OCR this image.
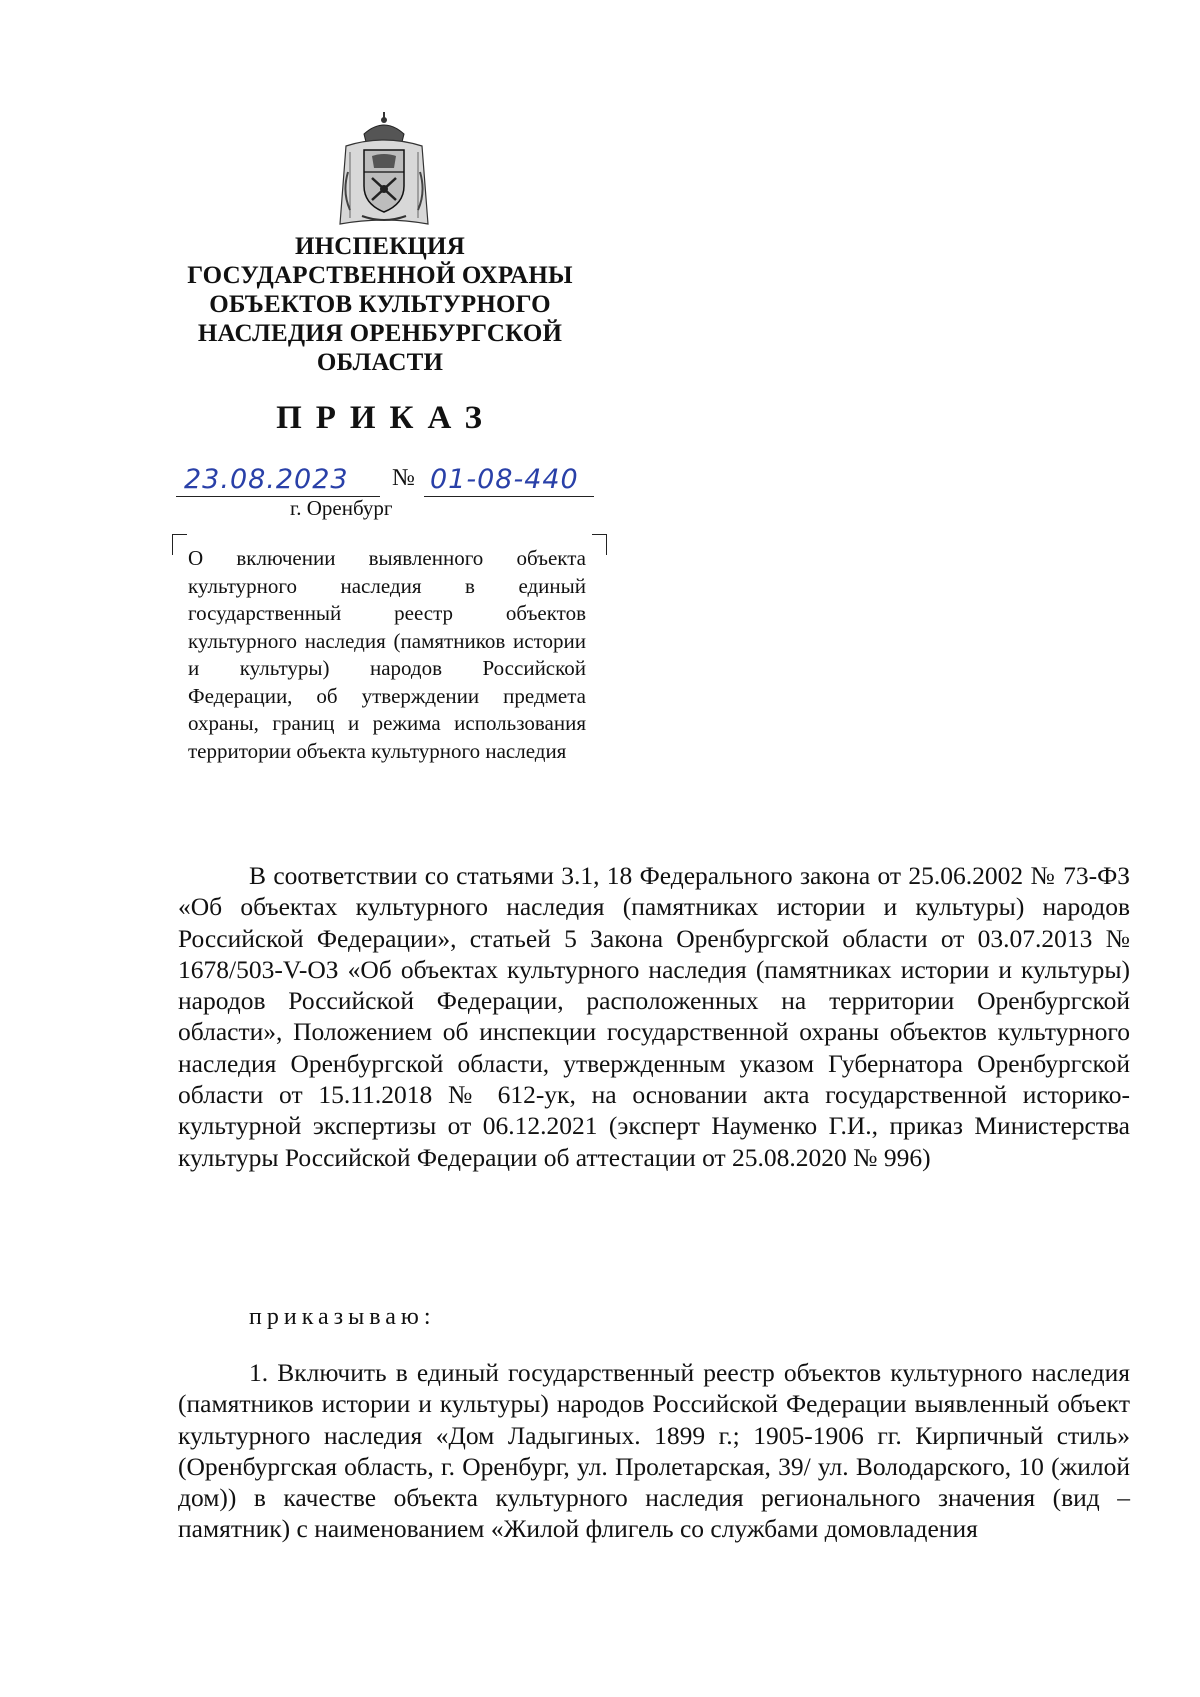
ИНСПЕКЦИЯ
ГОСУДАРСТВЕННОЙ ОХРАНЫ
ОБЪЕКТОВ КУЛЬТУРНОГО
НАСЛЕДИЯ ОРЕНБУРГСКОЙ
ОБЛАСТИ
ПРИКАЗ
23.08.2023 № 01-08-440
г. Оренбург
О включении выявленного объекта культурного наследия в единый государственный реестр объектов культурного наследия (памятников истории и культуры) народов Российской Федерации, об утверждении предмета охраны, границ и режима использования территории объекта культурного наследия

В соответствии со статьями 3.1, 18 Федерального закона от 25.06.2002 № 73-ФЗ «Об объектах культурного наследия (памятниках истории и культуры) народов Российской Федерации», статьей 5 Закона Оренбургской области от 03.07.2013 № 1678/503-V-ОЗ «Об объектах культурного наследия (памятниках истории и культуры) народов Российской Федерации, расположенных на территории Оренбургской области», Положением об инспекции государственной охраны объектов культурного наследия Оренбургской области, утвержденным указом Губернатора Оренбургской области от 15.11.2018 № 612-ук, на основании акта государственной историко-культурной экспертизы от 06.12.2021 (эксперт Науменко Г.И., приказ Министерства культуры Российской Федерации об аттестации от 25.08.2020 № 996)

приказываю:

1. Включить в единый государственный реестр объектов культурного наследия (памятников истории и культуры) народов Российской Федерации выявленный объект культурного наследия «Дом Ладыгиных. 1899 г.; 1905-1906 гг. Кирпичный стиль» (Оренбургская область, г. Оренбург, ул. Пролетарская, 39/ ул. Володарского, 10 (жилой дом)) в качестве объекта культурного наследия регионального значения (вид – памятник) с наименованием «Жилой флигель со службами домовладения
